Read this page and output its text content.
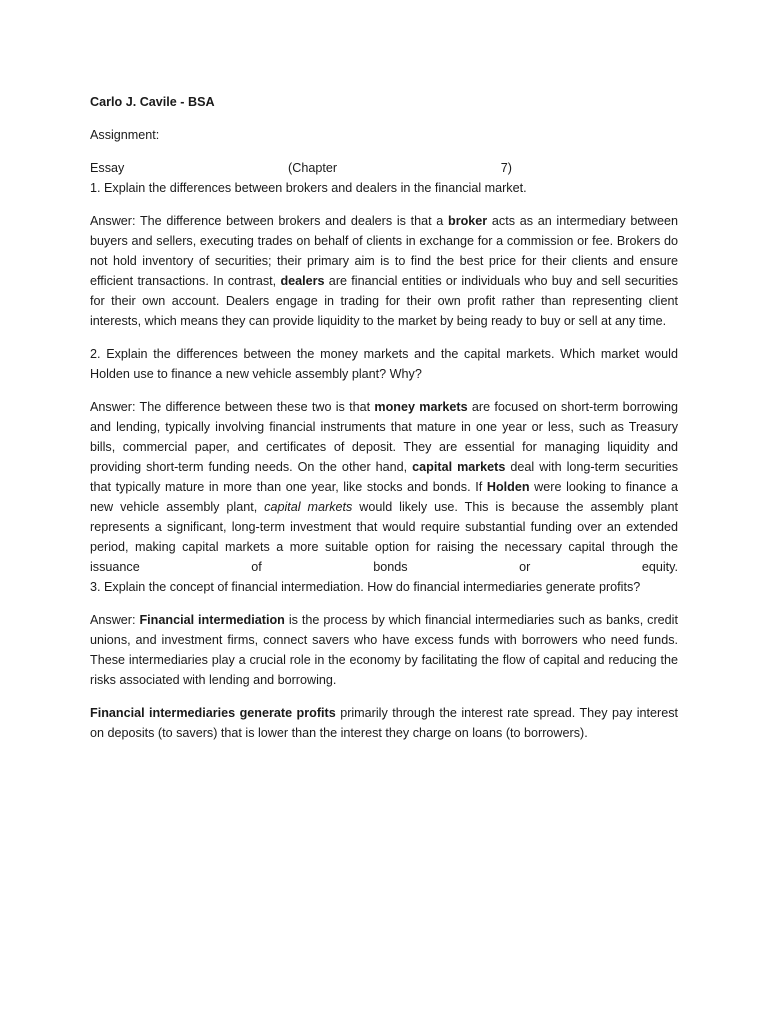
Carlo J. Cavile - BSA

Assignment:

Essay	(Chapter	7)

1. Explain the differences between brokers and dealers in the financial market.

Answer: The difference between brokers and dealers is that a broker acts as an intermediary between buyers and sellers, executing trades on behalf of clients in exchange for a commission or fee. Brokers do not hold inventory of securities; their primary aim is to find the best price for their clients and ensure efficient transactions. In contrast, dealers are financial entities or individuals who buy and sell securities for their own account. Dealers engage in trading for their own profit rather than representing client interests, which means they can provide liquidity to the market by being ready to buy or sell at any time.

2. Explain the differences between the money markets and the capital markets. Which market would Holden use to finance a new vehicle assembly plant? Why?

Answer: The difference between these two is that money markets are focused on short-term borrowing and lending, typically involving financial instruments that mature in one year or less, such as Treasury bills, commercial paper, and certificates of deposit. They are essential for managing liquidity and providing short-term funding needs. On the other hand, capital markets deal with long-term securities that typically mature in more than one year, like stocks and bonds. If Holden were looking to finance a new vehicle assembly plant, capital markets would likely use. This is because the assembly plant represents a significant, long-term investment that would require substantial funding over an extended period, making capital markets a more suitable option for raising the necessary capital through the

issuance	of	bonds	or	equity.

3. Explain the concept of financial intermediation. How do financial intermediaries generate profits?

Answer: Financial intermediation is the process by which financial intermediaries such as banks, credit unions, and investment firms, connect savers who have excess funds with borrowers who need funds. These intermediaries play a crucial role in the economy by facilitating the flow of capital and reducing the risks associated with lending and borrowing.

Financial intermediaries generate profits primarily through the interest rate spread. They pay interest on deposits (to savers) that is lower than the interest they charge on loans (to borrowers).
